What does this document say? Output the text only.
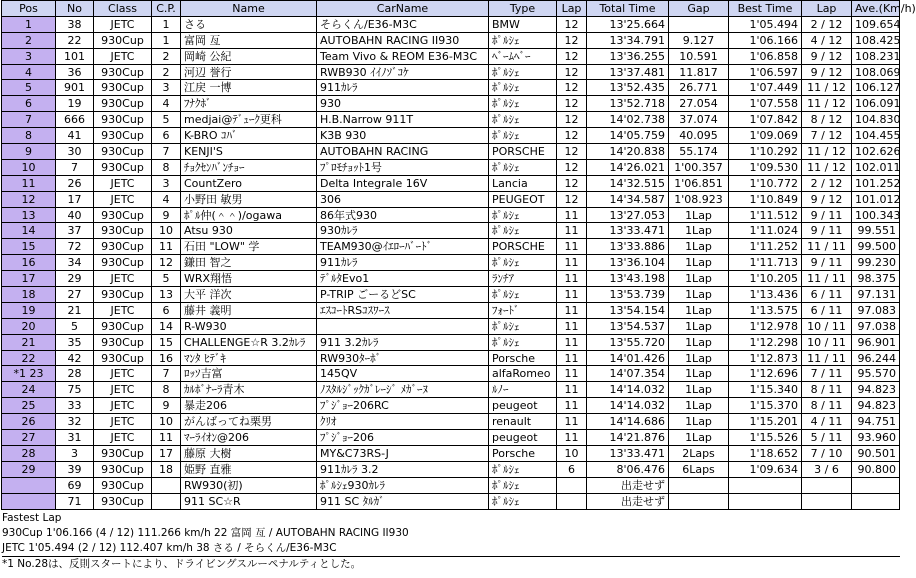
Pos	No	Class	C.P.	Name	CarName	Type	Lap	Total Time	Gap	Best Time	Lap	Ave.(Km/h)
1	38	JETC	1	さる	そらくん/E36-M3C	BMW	12	13'25.664		1'05.494	2 / 12	109.654
2	22	930Cup	1	富岡 亙	AUTOBAHN RACING II930	ﾎﾟﾙｼｪ	12	13'34.791	9.127	1'06.166	4 / 12	108.425
3	101	JETC	2	岡崎 公紀	Team Vivo & REOM E36-M3C	ﾍﾞｰﾑﾍﾞｰ	12	13'36.255	10.591	1'06.858	9 / 12	108.231
4	36	930Cup	2	河辺 誉行	RWB930 ｲｲﾉｿﾞｺｹ	ﾎﾟﾙｼｪ	12	13'37.481	11.817	1'06.597	9 / 12	108.069
5	901	930Cup	3	江戻 一博	911ｶﾚﾗ	ﾎﾟﾙｼｪ	12	13'52.435	26.771	1'07.449	11 / 12	106.127
6	19	930Cup	4	ﾌﾅｸﾎﾞ	930	ﾎﾟﾙｼｪ	12	13'52.718	27.054	1'07.558	11 / 12	106.091
7	666	930Cup	5	medjai@ﾃﾞｭｰｸ更科	H.B.Narrow 911T	ﾎﾟﾙｼｪ	12	14'02.738	37.074	1'07.842	8 / 12	104.830
8	41	930Cup	6	K-BRO ｺﾊﾞ	K3B 930	ﾎﾟﾙｼｪ	12	14'05.759	40.095	1'09.069	7 / 12	104.455
9	30	930Cup	7	KENJI'S	AUTOBAHN RACING	PORSCHE	12	14'20.838	55.174	1'10.292	11 / 12	102.626
10	7	930Cup	8	ﾁｮｸｾﾝﾊﾞﾝﾁｮｰ	ﾌﾟﾛﾓﾁｮｯﾄ1号	ﾎﾟﾙｼｪ	12	14'26.021	1'00.357	1'09.530	11 / 12	102.011
11	26	JETC	3	CountZero	Delta Integrale 16V	Lancia	12	14'32.515	1'06.851	1'10.772	2 / 12	101.252
12	17	JETC	4	小野田 敏男	306	PEUGEOT	12	14'34.587	1'08.923	1'10.849	9 / 12	101.012
13	40	930Cup	9	ﾎﾟﾙ仲(＾＾)/ogawa	86年式930	ﾎﾟﾙｼｪ	11	13'27.053	1Lap	1'11.512	9 / 11	100.343
14	37	930Cup	10	Atsu 930	930ｶﾚﾗ	ﾎﾟﾙｼｪ	11	13'33.471	1Lap	1'11.024	9 / 11	99.551
15	72	930Cup	11	石田 "LOW" 学	TEAM930@ｲｴﾛｰﾊﾞｰﾄﾞ	PORSCHE	11	13'33.886	1Lap	1'11.252	11 / 11	99.500
16	34	930Cup	12	鎌田 智之	911ｶﾚﾗ	ﾎﾟﾙｼｪ	11	13'36.104	1Lap	1'11.713	9 / 11	99.230
17	29	JETC	5	WRX翔悟	ﾃﾞﾙﾀEvo1	ﾗﾝﾁｱ	11	13'43.198	1Lap	1'10.205	11 / 11	98.375
18	27	930Cup	13	大平 洋次	P-TRIP ごーるどSC	ﾎﾟﾙｼｪ	11	13'53.739	1Lap	1'13.436	6 / 11	97.131
19	21	JETC	6	藤井 義明	ｴｽｺｰﾄRSｺｽﾜｰｽ	ﾌｫｰﾄﾞ	11	13'54.154	1Lap	1'13.575	6 / 11	97.083
20	5	930Cup	14	R-W930		ﾎﾟﾙｼｪ	11	13'54.537	1Lap	1'12.978	10 / 11	97.038
21	35	930Cup	15	CHALLENGE☆R 3.2ｶﾚﾗ	911 3.2ｶﾚﾗ	ﾎﾟﾙｼｪ	11	13'55.720	1Lap	1'12.298	10 / 11	96.901
22	42	930Cup	16	ﾏﾝﾀ ﾋﾃﾞｷ	RW930ﾀｰﾎﾞ	Porsche	11	14'01.426	1Lap	1'12.873	11 / 11	96.244
*1 23	28	JETC	7	ﾛｯｿ吉富	145QV	alfaRomeo	11	14'07.354	1Lap	1'12.696	7 / 11	95.570
24	75	JETC	8	ｶﾙﾎﾞﾅｰﾗ青木	ﾉｽﾀﾙｼﾞｯｸｶﾞﾚｰｼﾞ ﾒｶﾞｰﾇ	ﾙﾉｰ	11	14'14.032	1Lap	1'15.340	8 / 11	94.823
25	33	JETC	9	暴走206	ﾌﾟｼﾞｮｰ206RC	peugeot	11	14'14.032	1Lap	1'15.370	8 / 11	94.823
26	32	JETC	10	がんばってね栗男	ｸﾘｵ	renault	11	14'14.686	1Lap	1'15.201	4 / 11	94.751
27	31	JETC	11	ﾏｰﾗｲｵﾝ@206	ﾌﾟｼﾞｮｰ206	peugeot	11	14'21.876	1Lap	1'15.526	5 / 11	93.960
28	3	930Cup	17	藤原 大樹	MY&C73RS-J	Porsche	10	13'33.471	2Laps	1'18.652	7 / 10	90.501
29	39	930Cup	18	姫野 直雅	911ｶﾚﾗ 3.2	ﾎﾟﾙｼｪ	6	8'06.476	6Laps	1'09.634	3 / 6	90.800
	69	930Cup		RW930(初)	ﾎﾟﾙｼｪ930ｶﾚﾗ	ﾎﾟﾙｼｪ		出走せず				
	71	930Cup		911 SC☆R	911 SC ﾀﾙｶﾞ	ﾎﾟﾙｼｪ		出走せず				
Fastest Lap
930Cup 1'06.166 (4 / 12) 111.266 km/h 22 富岡 亙 / AUTOBAHN RACING II930
JETC 1'05.494 (2 / 12) 112.407 km/h 38 さる / そらくん/E36-M3C
*1 No.28は、反則スタートにより、ドライビングスルーペナルティとした。
